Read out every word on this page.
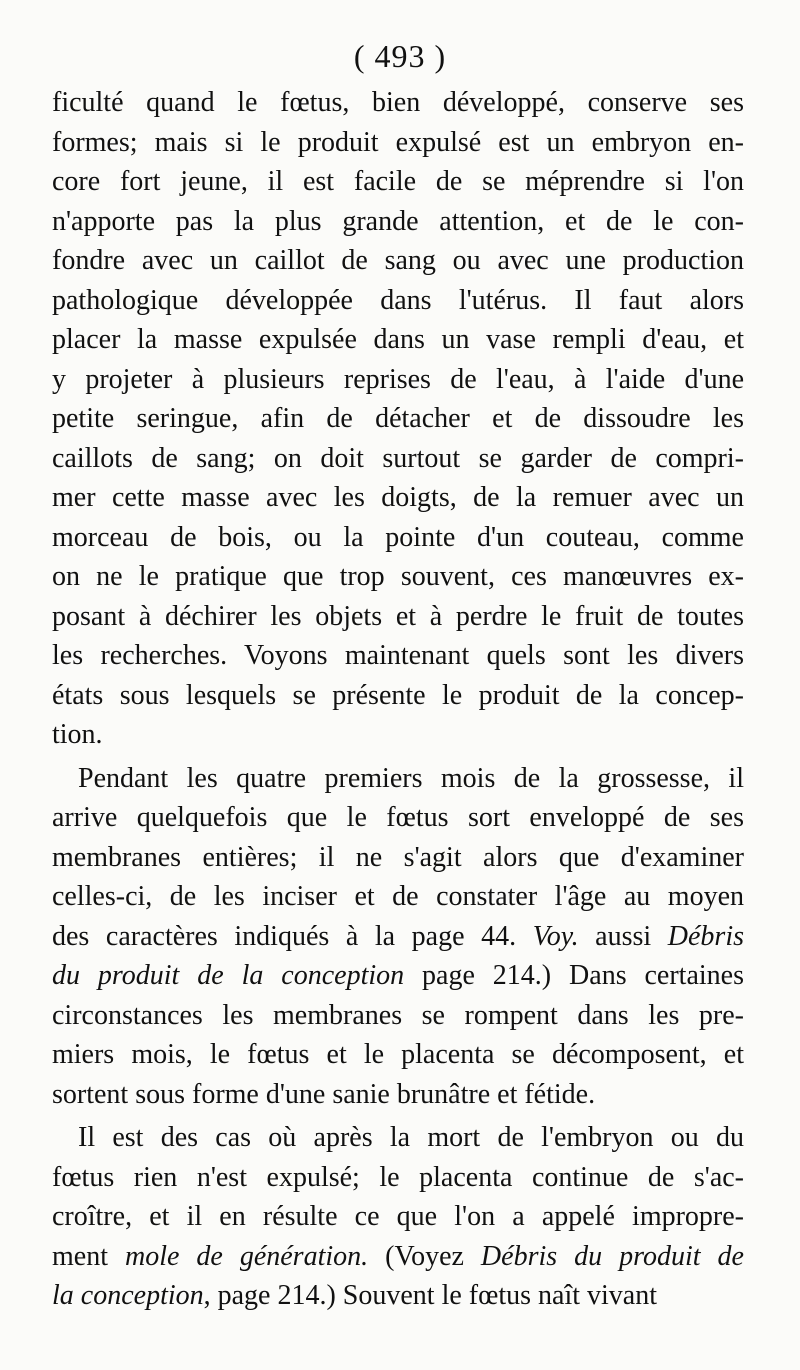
( 493 )
ficulté quand le fœtus, bien développé, conserve ses
formes; mais si le produit expulsé est un embryon en-
core fort jeune, il est facile de se méprendre si l'on
n'apporte pas la plus grande attention, et de le con-
fondre avec un caillot de sang ou avec une production
pathologique développée dans l'utérus. Il faut alors
placer la masse expulsée dans un vase rempli d'eau, et
y projeter à plusieurs reprises de l'eau, à l'aide d'une
petite seringue, afin de détacher et de dissoudre les
caillots de sang; on doit surtout se garder de compri-
mer cette masse avec les doigts, de la remuer avec un
morceau de bois, ou la pointe d'un couteau, comme
on ne le pratique que trop souvent, ces manœuvres ex-
posant à déchirer les objets et à perdre le fruit de toutes
les recherches. Voyons maintenant quels sont les divers
états sous lesquels se présente le produit de la concep-
tion.
Pendant les quatre premiers mois de la grossesse, il
arrive quelquefois que le fœtus sort enveloppé de ses
membranes entières; il ne s'agit alors que d'examiner
celles-ci, de les inciser et de constater l'âge au moyen
des caractères indiqués à la page 44. Voy. aussi Débris
du produit de la conception page 214.) Dans certaines
circonstances les membranes se rompent dans les pre-
miers mois, le fœtus et le placenta se décomposent, et
sortent sous forme d'une sanie brunâtre et fétide.
Il est des cas où après la mort de l'embryon ou du
fœtus rien n'est expulsé; le placenta continue de s'ac-
croître, et il en résulte ce que l'on a appelé impropre-
ment mole de génération. (Voyez Débris du produit de
la conception, page 214.) Souvent le fœtus naît vivant
